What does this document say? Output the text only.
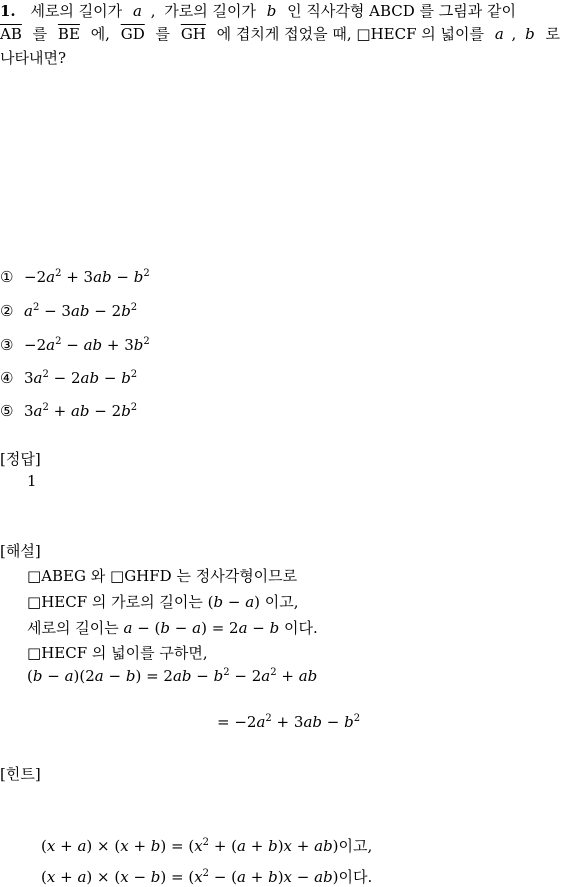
1. 세로의 길이가 a , 가로의 길이가 b 인 직사각형 ABCD 를 그림과 같이
$\overline{AB}$ 를 $\overline{BE}$ 에, $\overline{GD}$ 를 $\overline{GH}$ 에 겹치게 접었을 때, □HECF 의 넓이를 a , b 로
나타내면?
① $-2a^2 + 3ab - b^2$
② $a^2 - 3ab - 2b^2$
③ $-2a^2$ − ab + $3b^2$
④ $3a^2 - 2ab - b^2$
⑤ $3a^2$ + ab − $2b^2$
[정답]
1
[해설]
□ABEG 와 □GHFD 는 정사각형이므로
□HECF 의 가로의 길이는 (b − a) 이고,
세로의 길이는 a − (b − a) = 2a − b 이다.
□HECF 의 넓이를 구하면,
$(b - a)(2a - b) = 2ab - b^2 - 2a^2$ + ab
= $-2a^2 + 3ab - b^2$
[힌트]
$(x + a) \times (x + b) = (x^2 + (a + b)x + ab)$이고,
$(x + a) \times (x - b) = (x^2 - (a + b)x - ab)$이다.
